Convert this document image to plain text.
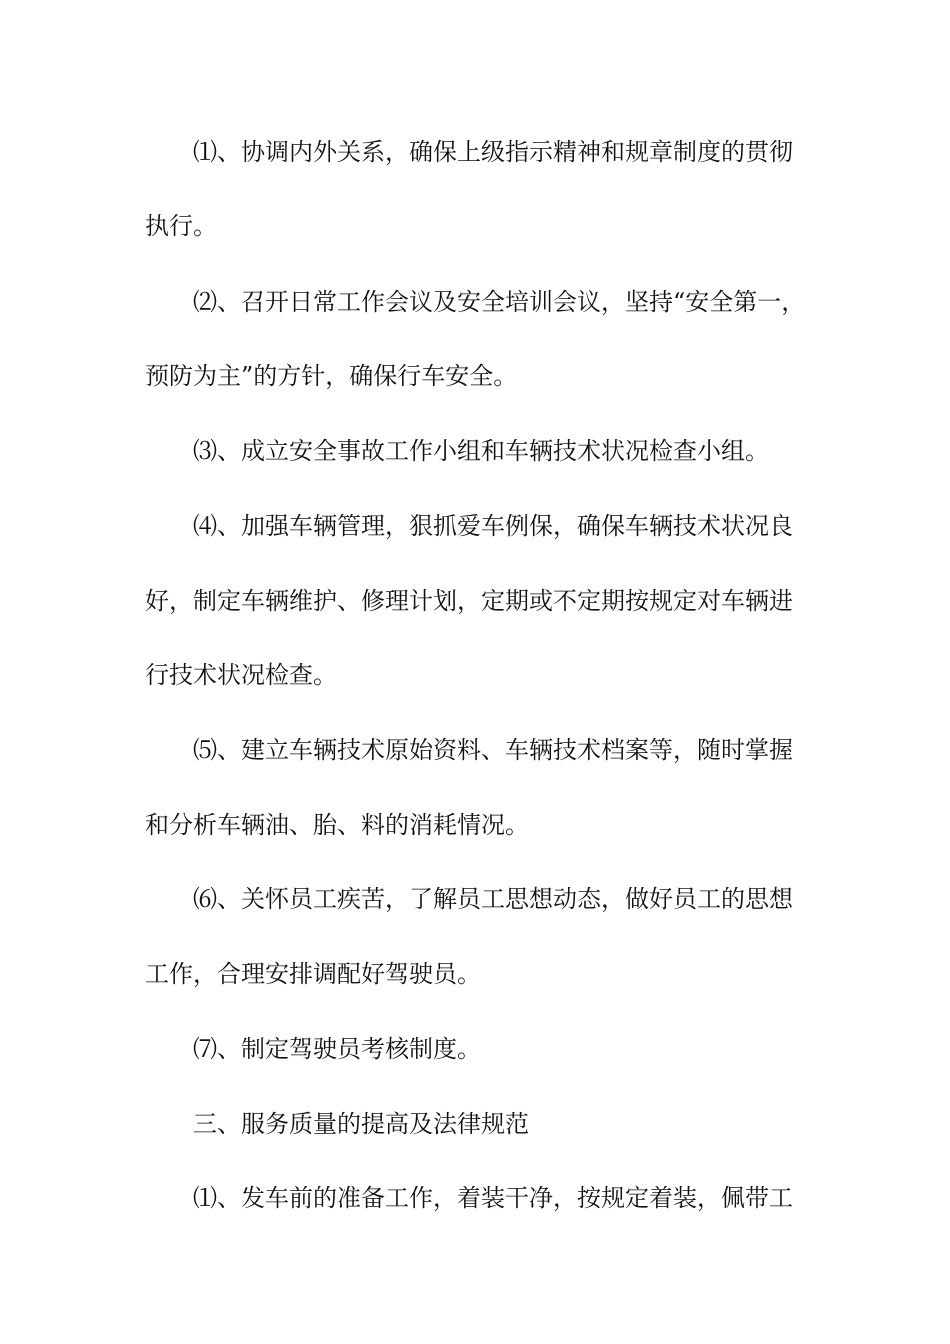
⑴、协调内外关系，确保上级指示精神和规章制度的贯彻
执行。
⑵、召开日常工作会议及安全培训会议，坚持“安全第一，
预防为主”的方针，确保行车安全。
⑶、成立安全事故工作小组和车辆技术状况检查小组。
⑷、加强车辆管理，狠抓爱车例保，确保车辆技术状况良
好，制定车辆维护、修理计划，定期或不定期按规定对车辆进
行技术状况检查。
⑸、建立车辆技术原始资料、车辆技术档案等，随时掌握
和分析车辆油、胎、料的消耗情况。
⑹、关怀员工疾苦，了解员工思想动态，做好员工的思想
工作，合理安排调配好驾驶员。
⑺、制定驾驶员考核制度。
三、服务质量的提高及法律规范
⑴、发车前的准备工作，着装干净，按规定着装，佩带工
